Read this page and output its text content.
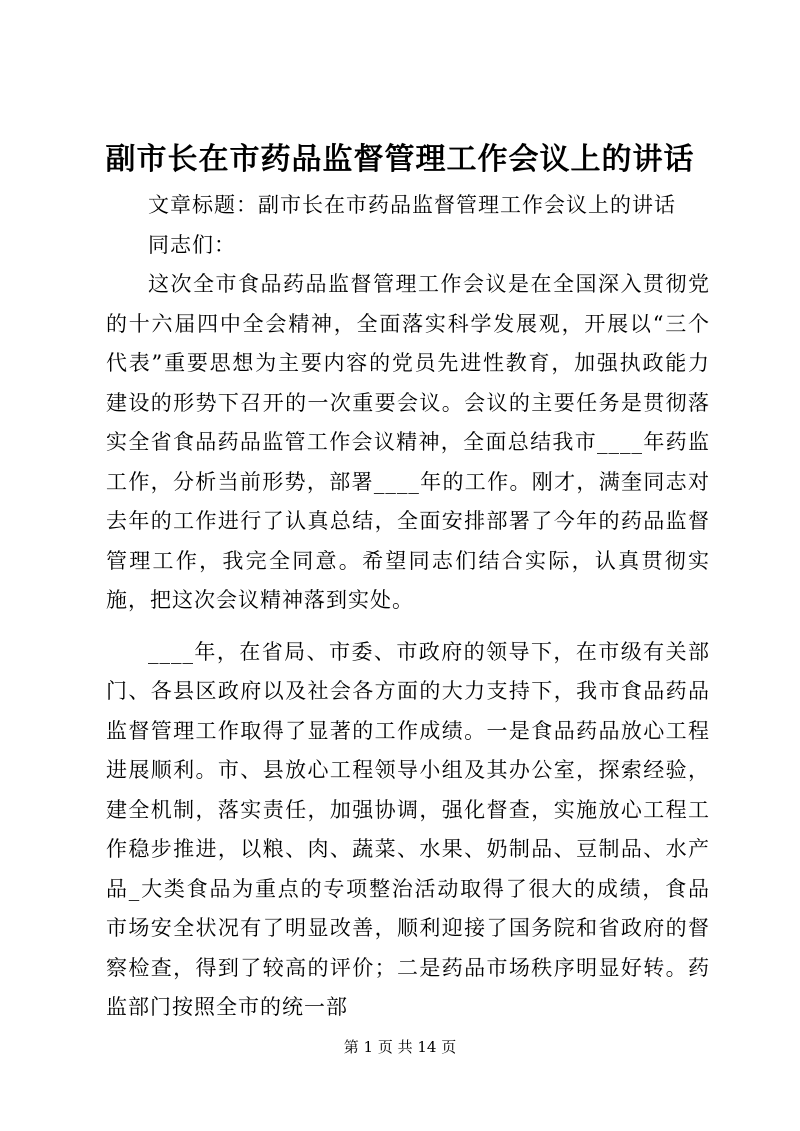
副市长在市药品监督管理工作会议上的讲话

文章标题：副市长在市药品监督管理工作会议上的讲话

同志们：

这次全市食品药品监督管理工作会议是在全国深入贯彻党的十六届四中全会精神，全面落实科学发展观，开展以“三个代表”重要思想为主要内容的党员先进性教育，加强执政能力建设的形势下召开的一次重要会议。会议的主要任务是贯彻落实全省食品药品监管工作会议精神，全面总结我市____年药监工作，分析当前形势，部署____年的工作。刚才，满奎同志对去年的工作进行了认真总结，全面安排部署了今年的药品监督管理工作，我完全同意。希望同志们结合实际，认真贯彻实施，把这次会议精神落到实处。

____年，在省局、市委、市政府的领导下，在市级有关部门、各县区政府以及社会各方面的大力支持下，我市食品药品监督管理工作取得了显著的工作成绩。一是食品药品放心工程进展顺利。市、县放心工程领导小组及其办公室，探索经验，建全机制，落实责任，加强协调，强化督查，实施放心工程工作稳步推进，以粮、肉、蔬菜、水果、奶制品、豆制品、水产品_大类食品为重点的专项整治活动取得了很大的成绩，食品市场安全状况有了明显改善，顺利迎接了国务院和省政府的督察检查，得到了较高的评价；二是药品市场秩序明显好转。药监部门按照全市的统一部

第 1 页 共 14 页
